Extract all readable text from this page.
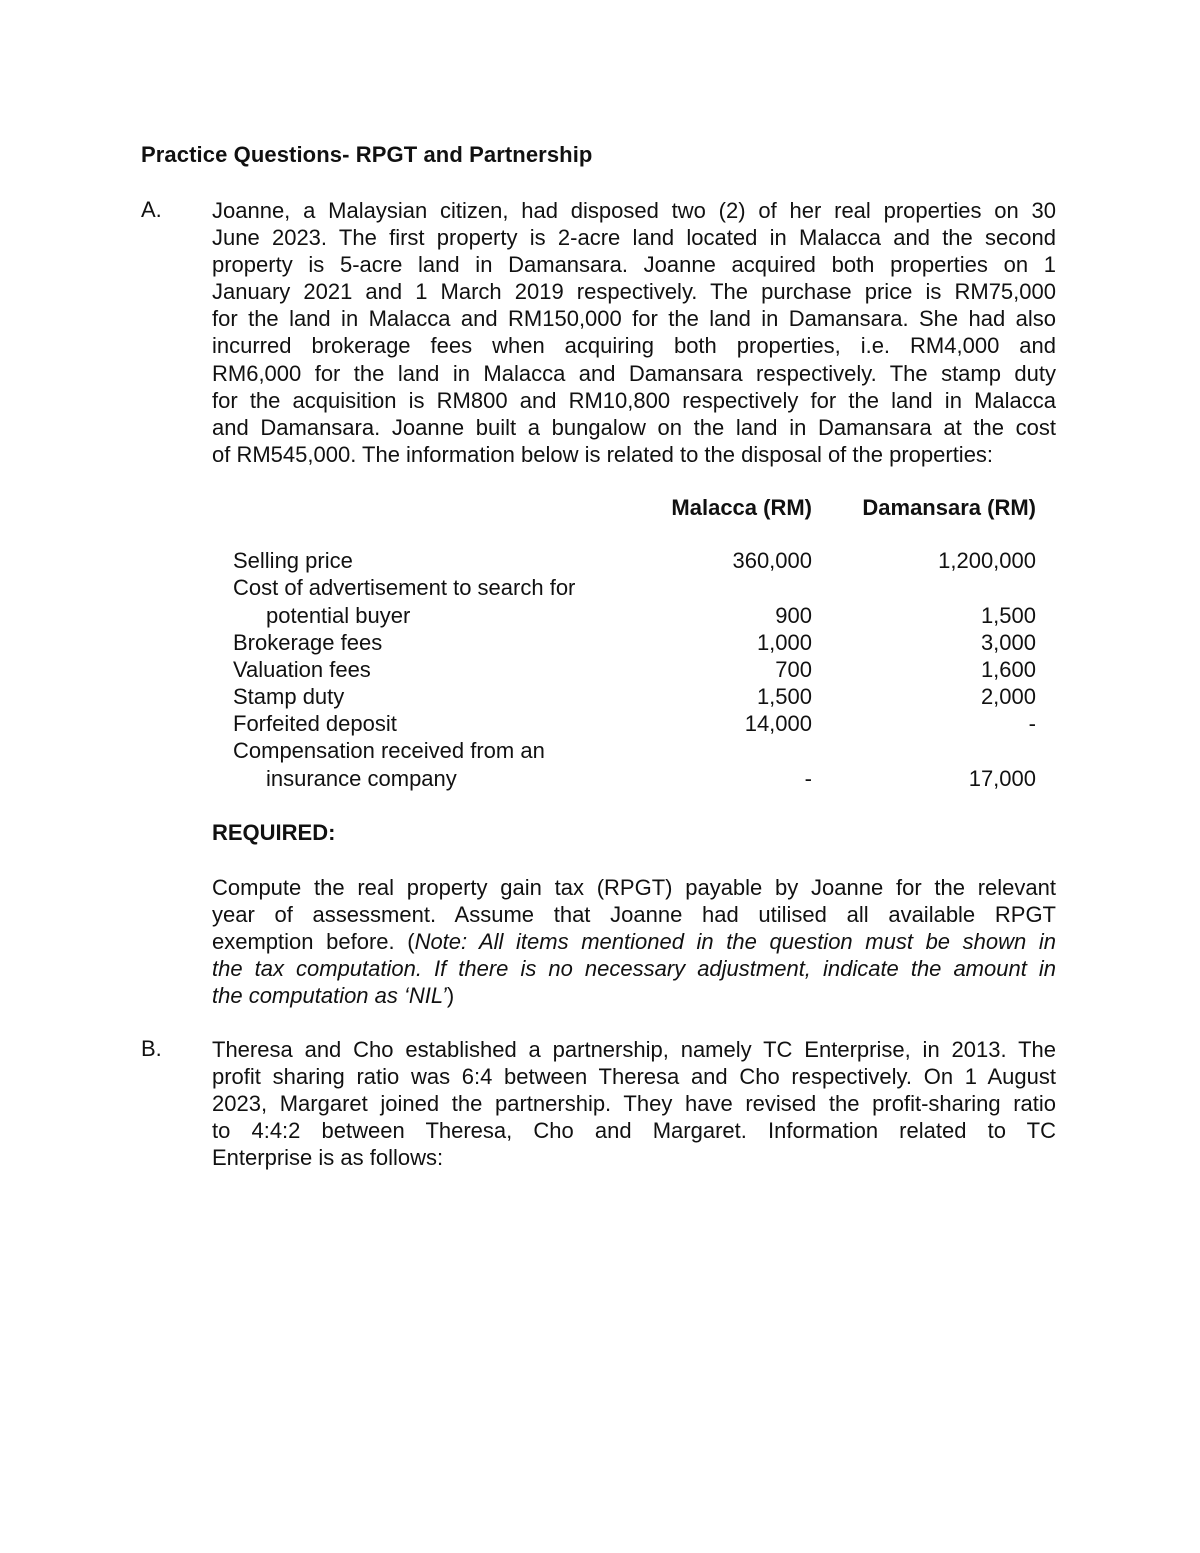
Practice Questions- RPGT and Partnership
A. Joanne, a Malaysian citizen, had disposed two (2) of her real properties on 30
June 2023. The first property is 2-acre land located in Malacca and the second
property is 5-acre land in Damansara. Joanne acquired both properties on 1
January 2021 and 1 March 2019 respectively. The purchase price is RM75,000
for the land in Malacca and RM150,000 for the land in Damansara. She had also
incurred brokerage fees when acquiring both properties, i.e. RM4,000 and
RM6,000 for the land in Malacca and Damansara respectively. The stamp duty
for the acquisition is RM800 and RM10,800 respectively for the land in Malacca
and Damansara. Joanne built a bungalow on the land in Damansara at the cost
of RM545,000. The information below is related to the disposal of the properties:
Malacca (RM) Damansara (RM)
Selling price	360,000	1,200,000
Cost of advertisement to search for
potential buyer	900	1,500
Brokerage fees	1,000	3,000
Valuation fees	700	1,600
Stamp duty	1,500	2,000
Forfeited deposit	14,000	-
Compensation received from an
insurance company	-	17,000
REQUIRED:
Compute the real property gain tax (RPGT) payable by Joanne for the relevant
year of assessment. Assume that Joanne had utilised all available RPGT
exemption before. (Note: All items mentioned in the question must be shown in
the tax computation. If there is no necessary adjustment, indicate the amount in
the computation as ‘NIL’)
B. Theresa and Cho established a partnership, namely TC Enterprise, in 2013. The
profit sharing ratio was 6:4 between Theresa and Cho respectively. On 1 August
2023, Margaret joined the partnership. They have revised the profit-sharing ratio
to 4:4:2 between Theresa, Cho and Margaret. Information related to TC
Enterprise is as follows:
